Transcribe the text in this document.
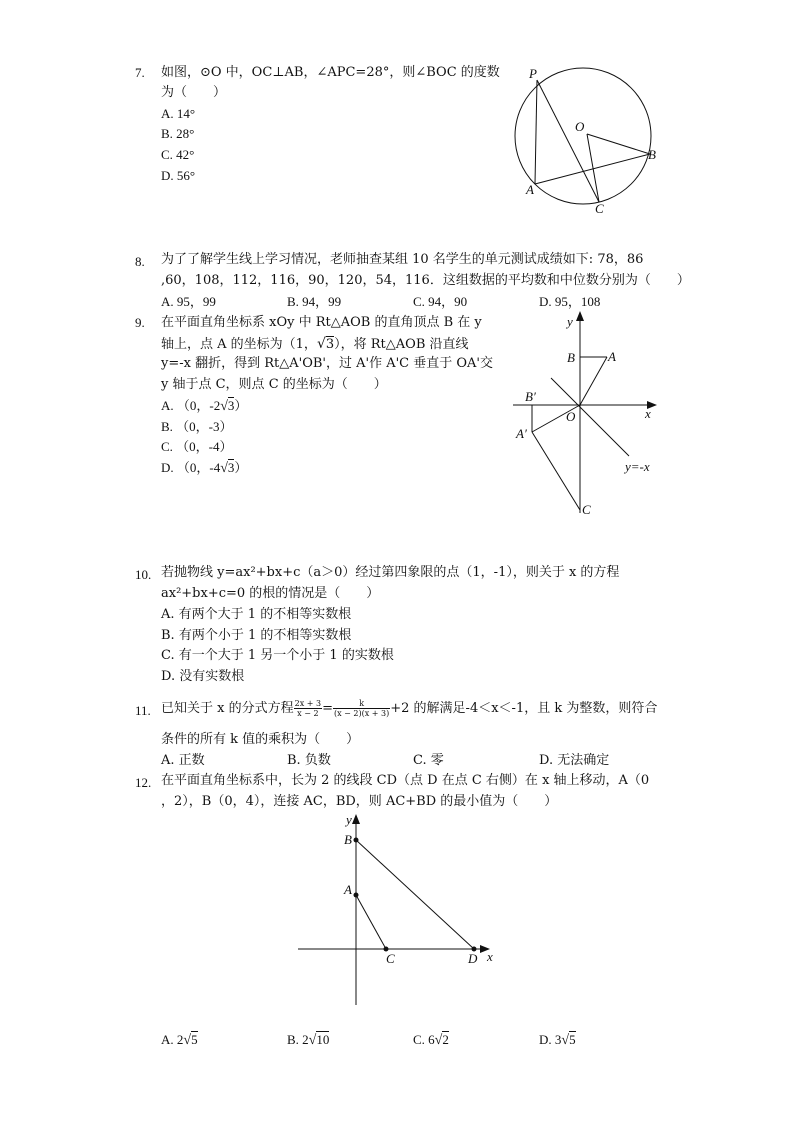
7. 如图，⊙O 中，OC⊥AB，∠APC=28°，则∠BOC 的度数
为（　　）
A. 14°
B. 28°
C. 42°
D. 56°
P
O
B
A
C
8. 为了了解学生线上学习情况，老师抽查某组 10 名学生的单元测试成绩如下: 78，86
,60，108，112，116，90，120，54，116．这组数据的平均数和中位数分别为（　　）
A. 95，99	B. 94，99	C. 94，90	D. 95，108
9. 在平面直角坐标系 xOy 中 Rt△AOB 的直角顶点 B 在 y
轴上，点 A 的坐标为（1，√3），将 Rt△AOB 沿直线
y=-x 翻折，得到 Rt△A'OB'，过 A'作 A'C 垂直于 OA'交
y 轴于点 C，则点 C 的坐标为（　　）
A. （0，-2√3）
B. （0，-3）
C. （0，-4）
D. （0，-4√3）
y
x
B	A
B′
O
A′
y=-x
C
10. 若抛物线 y=ax²+bx+c（a＞0）经过第四象限的点（1，-1），则关于 x 的方程
ax²+bx+c=0 的根的情况是（　　）
A. 有两个大于 1 的不相等实数根
B. 有两个小于 1 的不相等实数根
C. 有一个大于 1 另一个小于 1 的实数根
D. 没有实数根
11. 已知关于 x 的分式方程 $\frac{2x + 3}{x - 2} = \frac{k}{(x - 2)(x + 3)} +2$ 的解满足-4＜x＜-1，且 k 为整数，则符合
条件的所有 k 值的乘积为（　　）
A. 正数	B. 负数	C. 零	D. 无法确定
12. 在平面直角坐标系中，长为 2 的线段 CD（点 D 在点 C 右侧）在 x 轴上移动，A（0
，2），B（0，4），连接 AC，BD，则 AC+BD 的最小值为（　　）
y
B
A
C	D x
A. 2√5	B. 2√10	C. 6√2	D. 3√5
